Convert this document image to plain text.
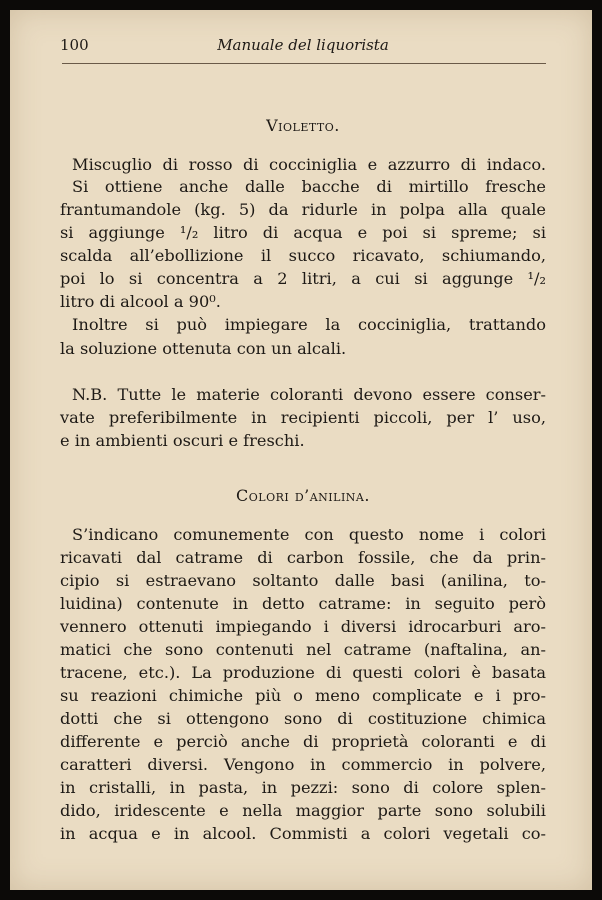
100	Manuale del liquorista
Violetto.
Miscuglio di rosso di cocciniglia e azzurro di indaco.
Si ottiene anche dalle bacche di mirtillo fresche
frantumandole (kg. 5) da ridurle in polpa alla quale
si aggiunge ¹/₂ litro di acqua e poi si spreme; si
scalda all’ebollizione il succo ricavato, schiumando,
poi lo si concentra a 2 litri, a cui si aggunge ¹/₂
litro di alcool a 90⁰.
Inoltre si può impiegare la cocciniglia, trattando
la soluzione ottenuta con un alcali.
N.B. Tutte le materie coloranti devono essere conser-
vate preferibilmente in recipienti piccoli, per l’ uso,
e in ambienti oscuri e freschi.
Colori d’anilina.
S’indicano comunemente con questo nome i colori
ricavati dal catrame di carbon fossile, che da prin-
cipio si estraevano soltanto dalle basi (anilina, to-
luidina) contenute in detto catrame: in seguito però
vennero ottenuti impiegando i diversi idrocarburi aro-
matici che sono contenuti nel catrame (naftalina, an-
tracene, etc.). La produzione di questi colori è basata
su reazioni chimiche più o meno complicate e i pro-
dotti che si ottengono sono di costituzione chimica
differente e perciò anche di proprietà coloranti e di
caratteri diversi. Vengono in commercio in polvere,
in cristalli, in pasta, in pezzi: sono di colore splen-
dido, iridescente e nella maggior parte sono solubili
in acqua e in alcool. Commisti a colori vegetali co-
